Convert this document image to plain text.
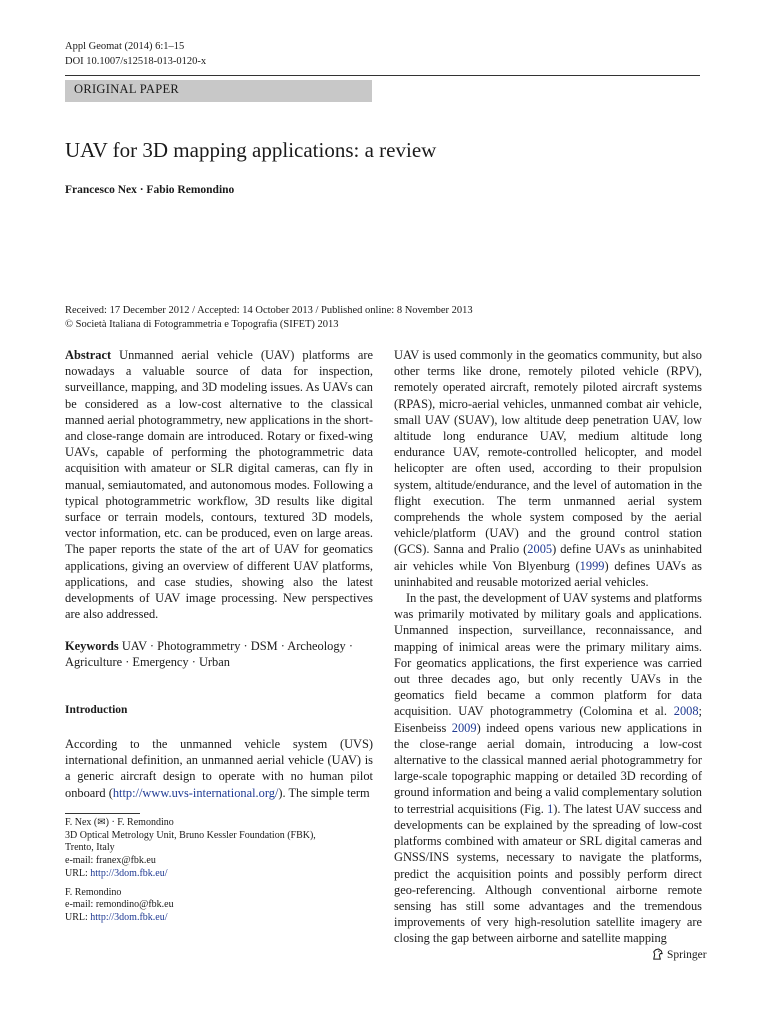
Appl Geomat (2014) 6:1–15
DOI 10.1007/s12518-013-0120-x
ORIGINAL PAPER
UAV for 3D mapping applications: a review
Francesco Nex · Fabio Remondino
Received: 17 December 2012 / Accepted: 14 October 2013 / Published online: 8 November 2013
© Società Italiana di Fotogrammetria e Topografia (SIFET) 2013

Abstract Unmanned aerial vehicle (UAV) platforms are nowadays a valuable source of data for inspection, surveillance, mapping, and 3D modeling issues. As UAVs can be considered as a low-cost alternative to the classical manned aerial photogrammetry, new applications in the short- and close-range domain are introduced. Rotary or fixed-wing UAVs, capable of performing the photogrammetric data acquisition with amateur or SLR digital cameras, can fly in manual, semiautomated, and autonomous modes. Following a typical photogrammetric workflow, 3D results like digital surface or terrain models, contours, textured 3D models, vector information, etc. can be produced, even on large areas. The paper reports the state of the art of UAV for geomatics applications, giving an overview of different UAV platforms, applications, and case studies, showing also the latest developments of UAV image processing. New perspectives are also addressed.

Keywords UAV · Photogrammetry · DSM · Archeology · Agriculture · Emergency · Urban

Introduction

According to the unmanned vehicle system (UVS) international definition, an unmanned aerial vehicle (UAV) is a generic aircraft design to operate with no human pilot onboard (http://www.uvs-international.org/). The simple term

UAV is used commonly in the geomatics community, but also other terms like drone, remotely piloted vehicle (RPV), remotely operated aircraft, remotely piloted aircraft systems (RPAS), micro-aerial vehicles, unmanned combat air vehicle, small UAV (SUAV), low altitude deep penetration UAV, low altitude long endurance UAV, medium altitude long endurance UAV, remote-controlled helicopter, and model helicopter are often used, according to their propulsion system, altitude/endurance, and the level of automation in the flight execution. The term unmanned aerial system comprehends the whole system composed by the aerial vehicle/platform (UAV) and the ground control station (GCS). Sanna and Pralio (2005) define UAVs as uninhabited air vehicles while Von Blyenburg (1999) defines UAVs as uninhabited and reusable motorized aerial vehicles.

In the past, the development of UAV systems and platforms was primarily motivated by military goals and applications. Unmanned inspection, surveillance, reconnaissance, and mapping of inimical areas were the primary military aims. For geomatics applications, the first experience was carried out three decades ago, but only recently UAVs in the geomatics field became a common platform for data acquisition. UAV photogrammetry (Colomina et al. 2008; Eisenbeiss 2009) indeed opens various new applications in the close-range aerial domain, introducing a low-cost alternative to the classical manned aerial photogrammetry for large-scale topographic mapping or detailed 3D recording of ground information and being a valid complementary solution to terrestrial acquisitions (Fig. 1). The latest UAV success and developments can be explained by the spreading of low-cost platforms combined with amateur or SRL digital cameras and GNSS/INS systems, necessary to navigate the platforms, predict the acquisition points and possibly perform direct geo-referencing. Although conventional airborne remote sensing has still some advantages and the tremendous improvements of very high-resolution satellite imagery are closing the gap between airborne and satellite mapping

F. Nex (✉) · F. Remondino
3D Optical Metrology Unit, Bruno Kessler Foundation (FBK),
Trento, Italy
e-mail: franex@fbk.eu
URL: http://3dom.fbk.eu/
F. Remondino
e-mail: remondino@fbk.eu
URL: http://3dom.fbk.eu/
Springer
